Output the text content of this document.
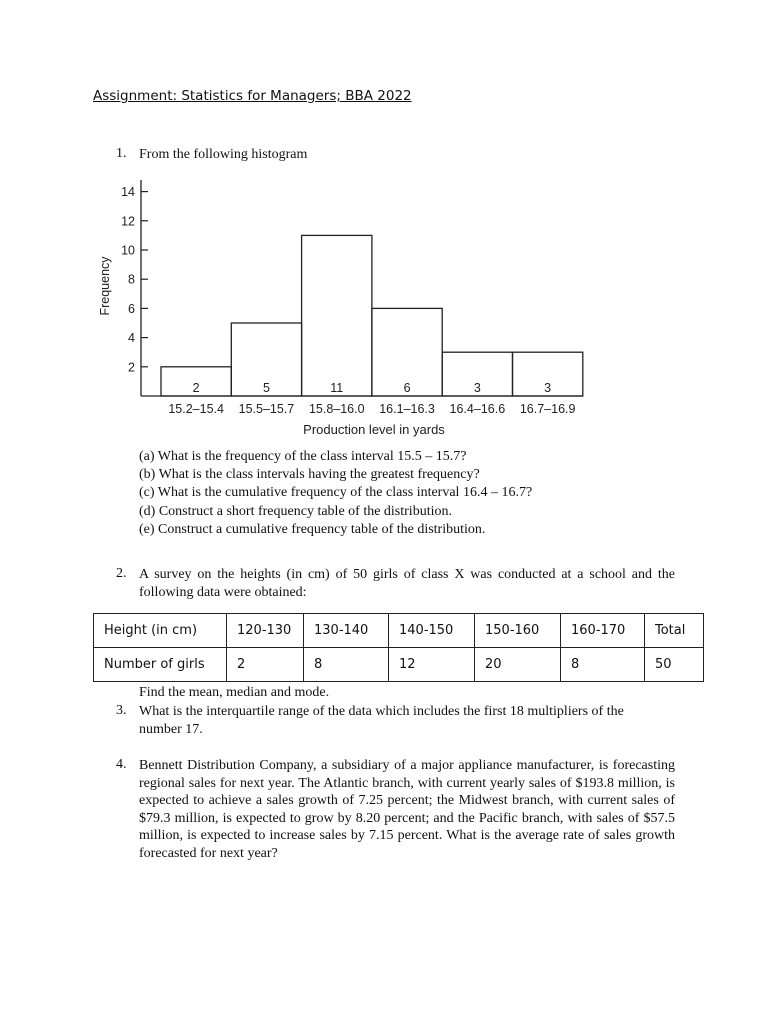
Assignment: Statistics for Managers; BBA 2022
1. From the following histogram
2
4
6
8
10
12
14
2	5	11	6	3	3
15.2–15.4 15.5–15.7 15.8–16.0 16.1–16.3 16.4–16.6 16.7–16.9
Frequency
Production level in yards
(a) What is the frequency of the class interval 15.5 – 15.7?
(b) What is the class intervals having the greatest frequency?
(c) What is the cumulative frequency of the class interval 16.4 – 16.7?
(d) Construct a short frequency table of the distribution.
(e) Construct a cumulative frequency table of the distribution.
2. A survey on the heights (in cm) of 50 girls of class X was conducted at a school and the following data were obtained:
Height (in cm)	120-130	130-140	140-150	150-160	160-170	Total
Number of girls	2	8	12	20	8	50
Find the mean, median and mode.
3. What is the interquartile range of the data which includes the first 18 multipliers of the number 17.
4. Bennett Distribution Company, a subsidiary of a major appliance manufacturer, is forecasting regional sales for next year. The Atlantic branch, with current yearly sales of $193.8 million, is expected to achieve a sales growth of 7.25 percent; the Midwest branch, with current sales of $79.3 million, is expected to grow by 8.20 percent; and the Pacific branch, with sales of $57.5 million, is expected to increase sales by 7.15 percent. What is the average rate of sales growth forecasted for next year?
